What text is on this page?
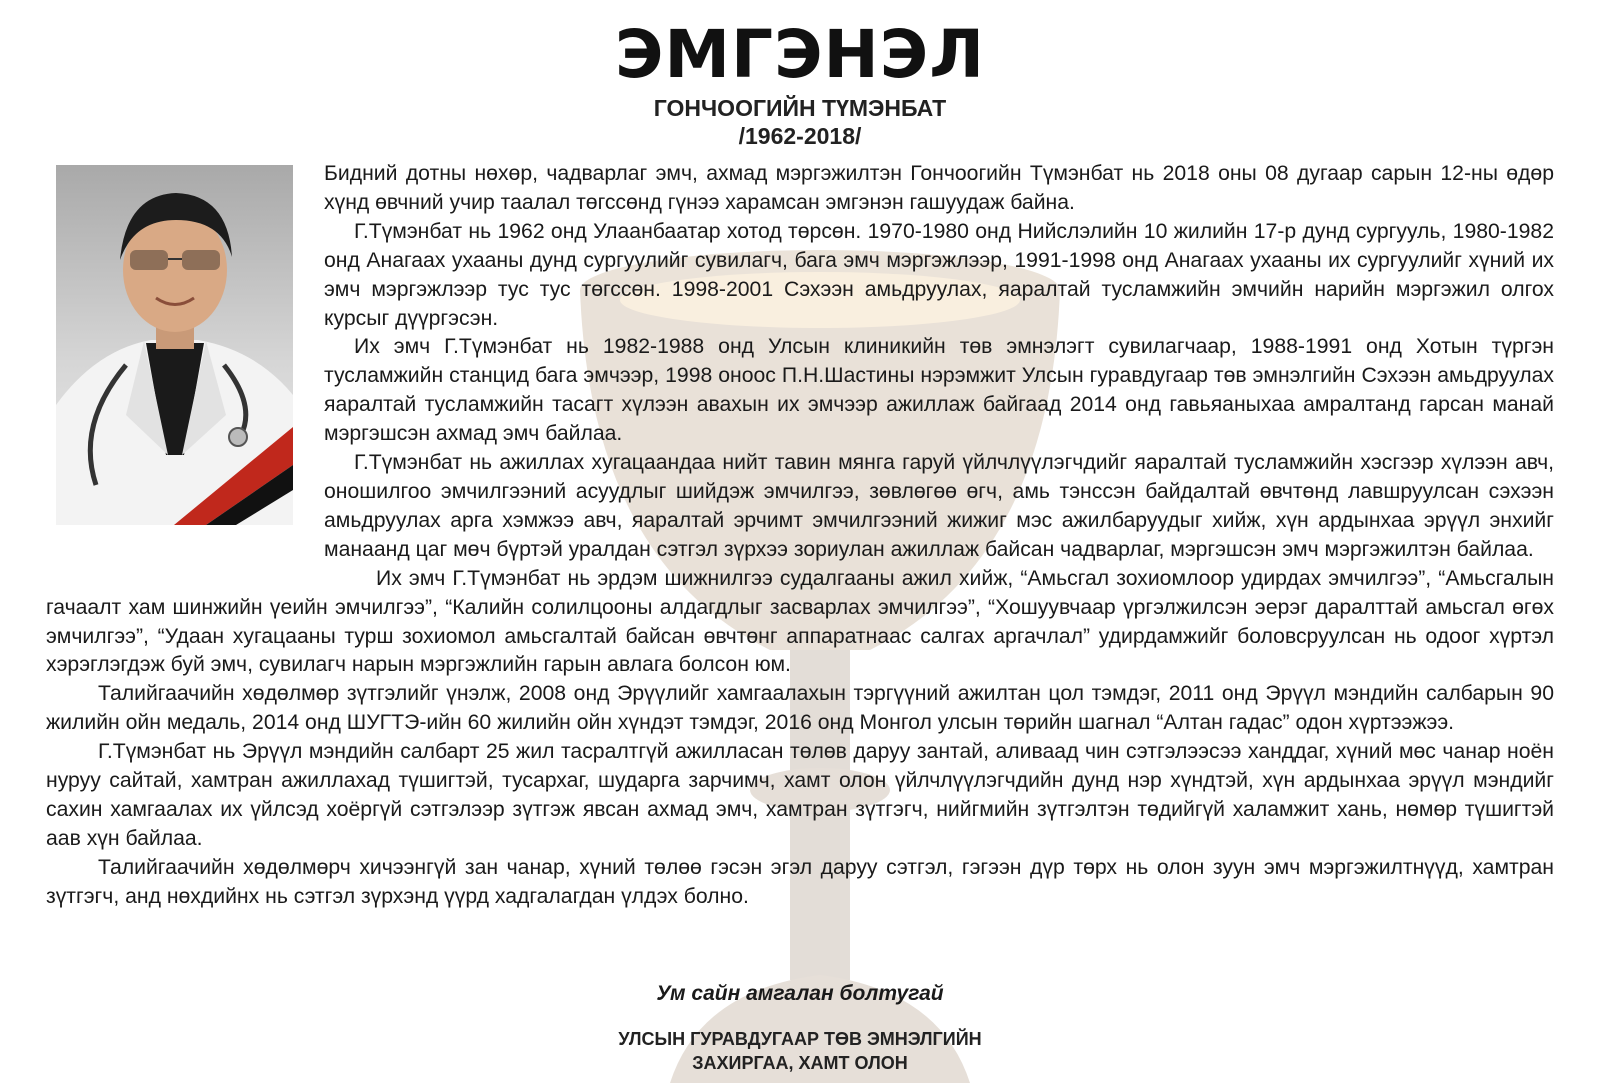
ЭМГЭНЭЛ
ГОНЧООГИЙН ТҮМЭНБАТ
/1962-2018/

Бидний дотны нөхөр, чадварлаг эмч, ахмад мэргэжилтэн Гончоогийн Түмэнбат нь 2018 оны 08 дугаар сарын 12-ны өдөр хүнд өвчний учир таалал төгссөнд гүнээ харамсан эмгэнэн гашуудаж байна.

Г.Түмэнбат нь 1962 онд Улаанбаатар хотод төрсөн. 1970-1980 онд Нийслэлийн 10 жилийн 17-р дунд сургууль, 1980-1982 онд Анагаах ухааны дунд сургуулийг сувилагч, бага эмч мэргэжлээр, 1991-1998 онд Анагаах ухааны их сургуулийг хүний их эмч мэргэжлээр тус тус төгссөн. 1998-2001 Сэхээн амьдруулах, яаралтай тусламжийн эмчийн нарийн мэргэжил олгох курсыг дүүргэсэн.

Их эмч Г.Түмэнбат нь 1982-1988 онд Улсын клиникийн төв эмнэлэгт сувилагчаар, 1988-1991 онд Хотын түргэн тусламжийн станцид бага эмчээр, 1998 оноос П.Н.Шастины нэрэмжит Улсын гуравдугаар төв эмнэлгийн Сэхээн амьдруулах яаралтай тусламжийн тасагт хүлээн авахын их эмчээр ажиллаж байгаад 2014 онд гавьяаныхаа амралтанд гарсан манай мэргэшсэн ахмад эмч байлаа.

Г.Түмэнбат нь ажиллах хугацаандаа нийт тавин мянга гаруй үйлчлүүлэгчдийг яаралтай тусламжийн хэсгээр хүлээн авч, оношилгоо эмчилгээний асуудлыг шийдэж эмчилгээ, зөвлөгөө өгч, амь тэнссэн байдалтай өвчтөнд лавшруулсан сэхээн амьдруулах арга хэмжээ авч, яаралтай эрчимт эмчилгээний жижиг мэс ажилбаруудыг хийж, хүн ардынхаа эрүүл энхийг манаанд цаг мөч бүртэй уралдан сэтгэл зүрхээ зориулан ажиллаж байсан чадварлаг, мэргэшсэн эмч мэргэжилтэн байлаа.

Их эмч Г.Түмэнбат нь эрдэм шижнилгээ судалгааны ажил хийж, “Амьсгал зохиомлоор удирдах эмчилгээ”, “Амьсгалын гачаалт хам шинжийн үеийн эмчилгээ”, “Калийн солилцооны алдагдлыг засварлах эмчилгээ”, “Хошуувчаар үргэлжилсэн эерэг даралттай амьсгал өгөх эмчилгээ”, “Удаан хугацааны турш зохиомол амьсгалтай байсан өвчтөнг аппаратнаас салгах аргачлал” удирдамжийг боловсруулсан нь одоог хүртэл хэрэглэгдэж буй эмч, сувилагч нарын мэргэжлийн гарын авлага болсон юм.

Талийгаачийн хөдөлмөр зүтгэлийг үнэлж, 2008 онд Эрүүлийг хамгаалахын тэргүүний ажилтан цол тэмдэг, 2011 онд Эрүүл мэндийн салбарын 90 жилийн ойн медаль, 2014 онд ШУГТЭ-ийн 60 жилийн ойн хүндэт тэмдэг, 2016 онд Монгол улсын төрийн шагнал “Алтан гадас” одон хүртээжээ.

Г.Түмэнбат нь Эрүүл мэндийн салбарт 25 жил тасралтгүй ажилласан төлөв даруу зантай, аливаад чин сэтгэлээсээ ханддаг, хүний мөс чанар ноён нуруу сайтай, хамтран ажиллахад түшигтэй, тусархаг, шударга зарчимч, хамт олон үйлчлүүлэгчдийн дунд нэр хүндтэй, хүн ардынхаа эрүүл мэндийг сахин хамгаалах их үйлсэд хоёргүй сэтгэлээр зүтгэж явсан ахмад эмч, хамтран зүтгэгч, нийгмийн зүтгэлтэн төдийгүй халамжит хань, нөмөр түшигтэй аав хүн байлаа.

Талийгаачийн хөдөлмөрч хичээнгүй зан чанар, хүний төлөө гэсэн эгэл даруу сэтгэл, гэгээн дүр төрх нь олон зуун эмч мэргэжилтнүүд, хамтран зүтгэгч, анд нөхдийнх нь сэтгэл зүрхэнд үүрд хадгалагдан үлдэх болно.

Ум сайн амгалан болтугай
УЛСЫН ГУРАВДУГААР ТӨВ ЭМНЭЛГИЙН
ЗАХИРГАА, ХАМТ ОЛОН
